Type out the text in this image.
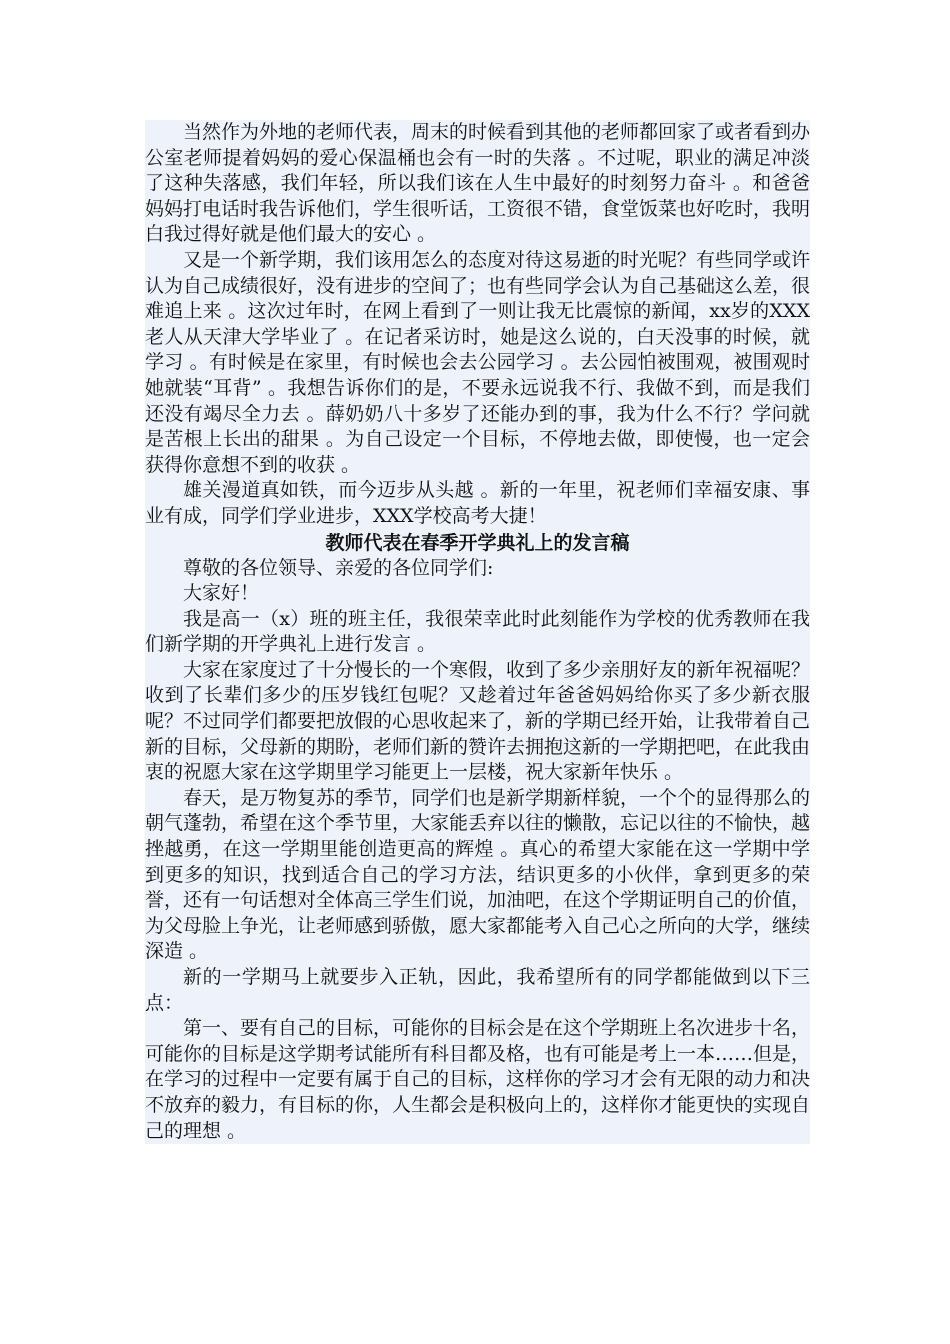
当然作为外地的老师代表，周末的时候看到其他的老师都回家了或者看到办公室老师提着妈妈的爱心保温桶也会有一时的失落 。不过呢，职业的满足冲淡了这种失落感，我们年轻，所以我们该在人生中最好的时刻努力奋斗 。和爸爸妈妈打电话时我告诉他们，学生很听话，工资很不错，食堂饭菜也好吃时，我明白我过得好就是他们最大的安心 。

又是一个新学期，我们该用怎么的态度对待这易逝的时光呢？有些同学或许认为自己成绩很好，没有进步的空间了；也有些同学会认为自己基础这么差，很难追上来 。这次过年时，在网上看到了一则让我无比震惊的新闻，xx岁的XXX老人从天津大学毕业了 。在记者采访时，她是这么说的，白天没事的时候，就学习 。有时候是在家里，有时候也会去公园学习 。去公园怕被围观，被围观时她就装“耳背” 。我想告诉你们的是，不要永远说我不行、我做不到，而是我们还没有竭尽全力去 。薛奶奶八十多岁了还能办到的事，我为什么不行？学问就是苦根上长出的甜果 。为自己设定一个目标，不停地去做，即使慢，也一定会获得你意想不到的收获 。

雄关漫道真如铁，而今迈步从头越 。新的一年里，祝老师们幸福安康、事业有成，同学们学业进步，XXX学校高考大捷！

教师代表在春季开学典礼上的发言稿

尊敬的各位领导、亲爱的各位同学们:

大家好！

我是高一（x）班的班主任，我很荣幸此时此刻能作为学校的优秀教师在我们新学期的开学典礼上进行发言 。

大家在家度过了十分慢长的一个寒假，收到了多少亲朋好友的新年祝福呢？收到了长辈们多少的压岁钱红包呢？又趁着过年爸爸妈妈给你买了多少新衣服呢？不过同学们都要把放假的心思收起来了，新的学期已经开始，让我带着自己新的目标，父母新的期盼，老师们新的赞许去拥抱这新的一学期把吧，在此我由衷的祝愿大家在这学期里学习能更上一层楼，祝大家新年快乐 。

春天，是万物复苏的季节，同学们也是新学期新样貌，一个个的显得那么的朝气蓬勃，希望在这个季节里，大家能丢弃以往的懒散，忘记以往的不愉快，越挫越勇，在这一学期里能创造更高的辉煌 。真心的希望大家能在这一学期中学到更多的知识，找到适合自己的学习方法，结识更多的小伙伴，拿到更多的荣誉，还有一句话想对全体高三学生们说，加油吧，在这个学期证明自己的价值，为父母脸上争光，让老师感到骄傲，愿大家都能考入自己心之所向的大学，继续深造 。

新的一学期马上就要步入正轨，因此，我希望所有的同学都能做到以下三点：

第一、要有自己的目标，可能你的目标会是在这个学期班上名次进步十名，可能你的目标是这学期考试能所有科目都及格，也有可能是考上一本……但是，在学习的过程中一定要有属于自己的目标，这样你的学习才会有无限的动力和决不放弃的毅力，有目标的你，人生都会是积极向上的，这样你才能更快的实现自己的理想 。
